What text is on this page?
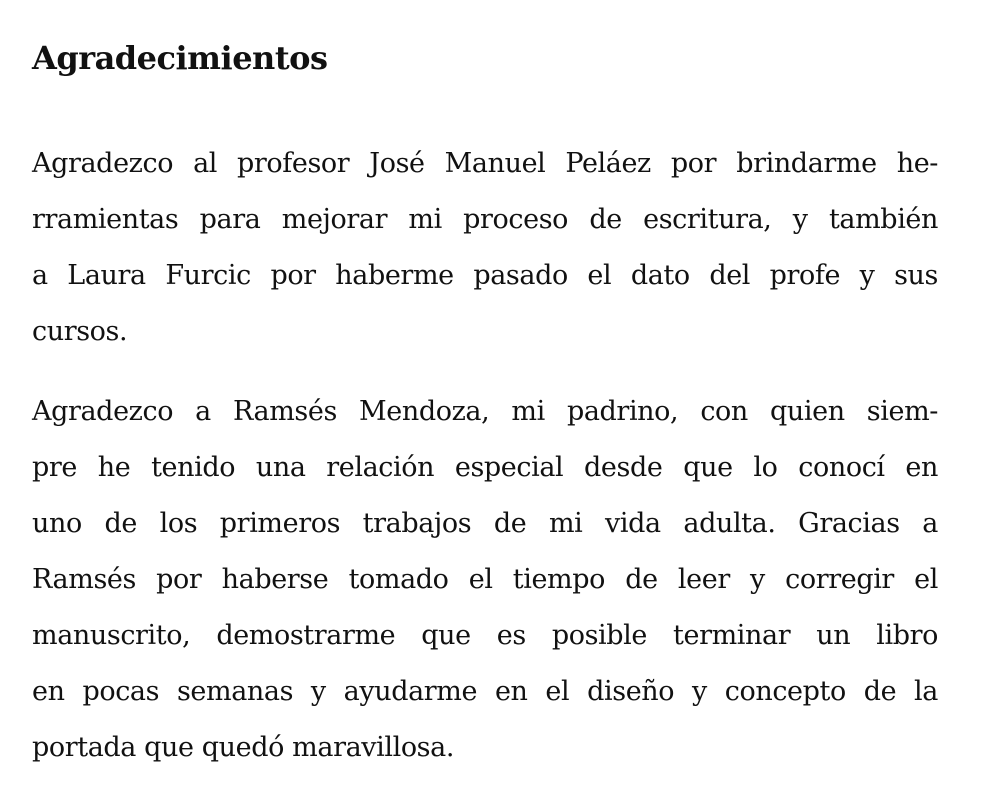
Agradecimientos

Agradezco al profesor José Manuel Peláez por brindarme he-
rramientas para mejorar mi proceso de escritura, y también
a Laura Furcic por haberme pasado el dato del profe y sus
cursos.

Agradezco a Ramsés Mendoza, mi padrino, con quien siem-
pre he tenido una relación especial desde que lo conocí en
uno de los primeros trabajos de mi vida adulta. Gracias a
Ramsés por haberse tomado el tiempo de leer y corregir el
manuscrito, demostrarme que es posible terminar un libro
en pocas semanas y ayudarme en el diseño y concepto de la
portada que quedó maravillosa.
